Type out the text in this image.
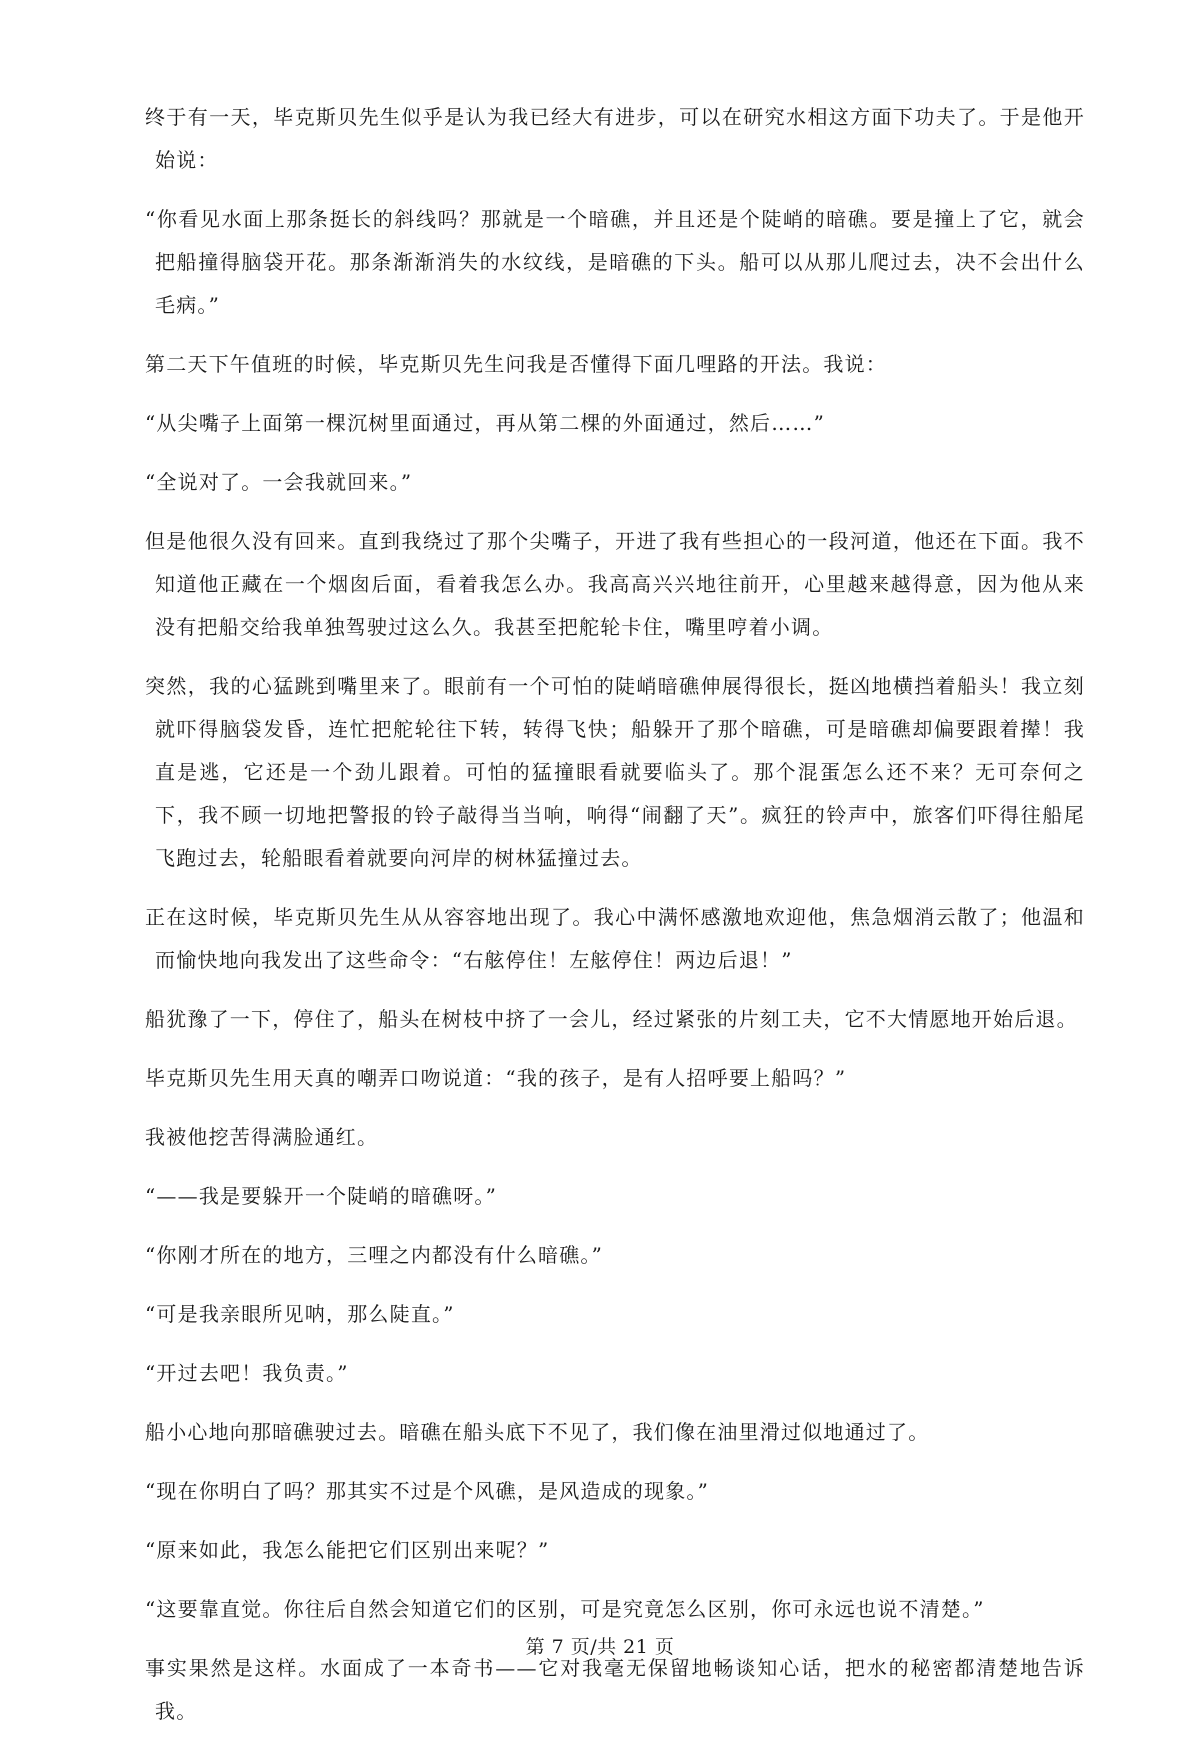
终于有一天，毕克斯贝先生似乎是认为我已经大有进步，可以在研究水相这方面下功夫了。于是他开始说：

“你看见水面上那条挺长的斜线吗？那就是一个暗礁，并且还是个陡峭的暗礁。要是撞上了它，就会把船撞得脑袋开花。那条渐渐消失的水纹线，是暗礁的下头。船可以从那儿爬过去，决不会出什么毛病。”

第二天下午值班的时候，毕克斯贝先生问我是否懂得下面几哩路的开法。我说：

“从尖嘴子上面第一棵沉树里面通过，再从第二棵的外面通过，然后……”

“全说对了。一会我就回来。”

但是他很久没有回来。直到我绕过了那个尖嘴子，开进了我有些担心的一段河道，他还在下面。我不知道他正藏在一个烟囱后面，看着我怎么办。我高高兴兴地往前开，心里越来越得意，因为他从来没有把船交给我单独驾驶过这么久。我甚至把舵轮卡住，嘴里哼着小调。

突然，我的心猛跳到嘴里来了。眼前有一个可怕的陡峭暗礁伸展得很长，挺凶地横挡着船头！我立刻就吓得脑袋发昏，连忙把舵轮往下转，转得飞快；船躲开了那个暗礁，可是暗礁却偏要跟着撵！我直是逃，它还是一个劲儿跟着。可怕的猛撞眼看就要临头了。那个混蛋怎么还不来？无可奈何之下，我不顾一切地把警报的铃子敲得当当响，响得“闹翻了天”。疯狂的铃声中，旅客们吓得往船尾飞跑过去，轮船眼看着就要向河岸的树林猛撞过去。

正在这时候，毕克斯贝先生从从容容地出现了。我心中满怀感激地欢迎他，焦急烟消云散了；他温和而愉快地向我发出了这些命令：“右舷停住！左舷停住！两边后退！”

船犹豫了一下，停住了，船头在树枝中挤了一会儿，经过紧张的片刻工夫，它不大情愿地开始后退。

毕克斯贝先生用天真的嘲弄口吻说道：“我的孩子，是有人招呼要上船吗？”

我被他挖苦得满脸通红。

“——我是要躲开一个陡峭的暗礁呀。”

“你刚才所在的地方，三哩之内都没有什么暗礁。”

“可是我亲眼所见呐，那么陡直。”

“开过去吧！我负责。”

船小心地向那暗礁驶过去。暗礁在船头底下不见了，我们像在油里滑过似地通过了。

“现在你明白了吗？那其实不过是个风礁，是风造成的现象。”

“原来如此，我怎么能把它们区别出来呢？”

“这要靠直觉。你往后自然会知道它们的区别，可是究竟怎么区别，你可永远也说不清楚。”

事实果然是这样。水面成了一本奇书——它对我毫无保留地畅谈知心话，把水的秘密都清楚地告诉我。

第 7 页/共 21 页
